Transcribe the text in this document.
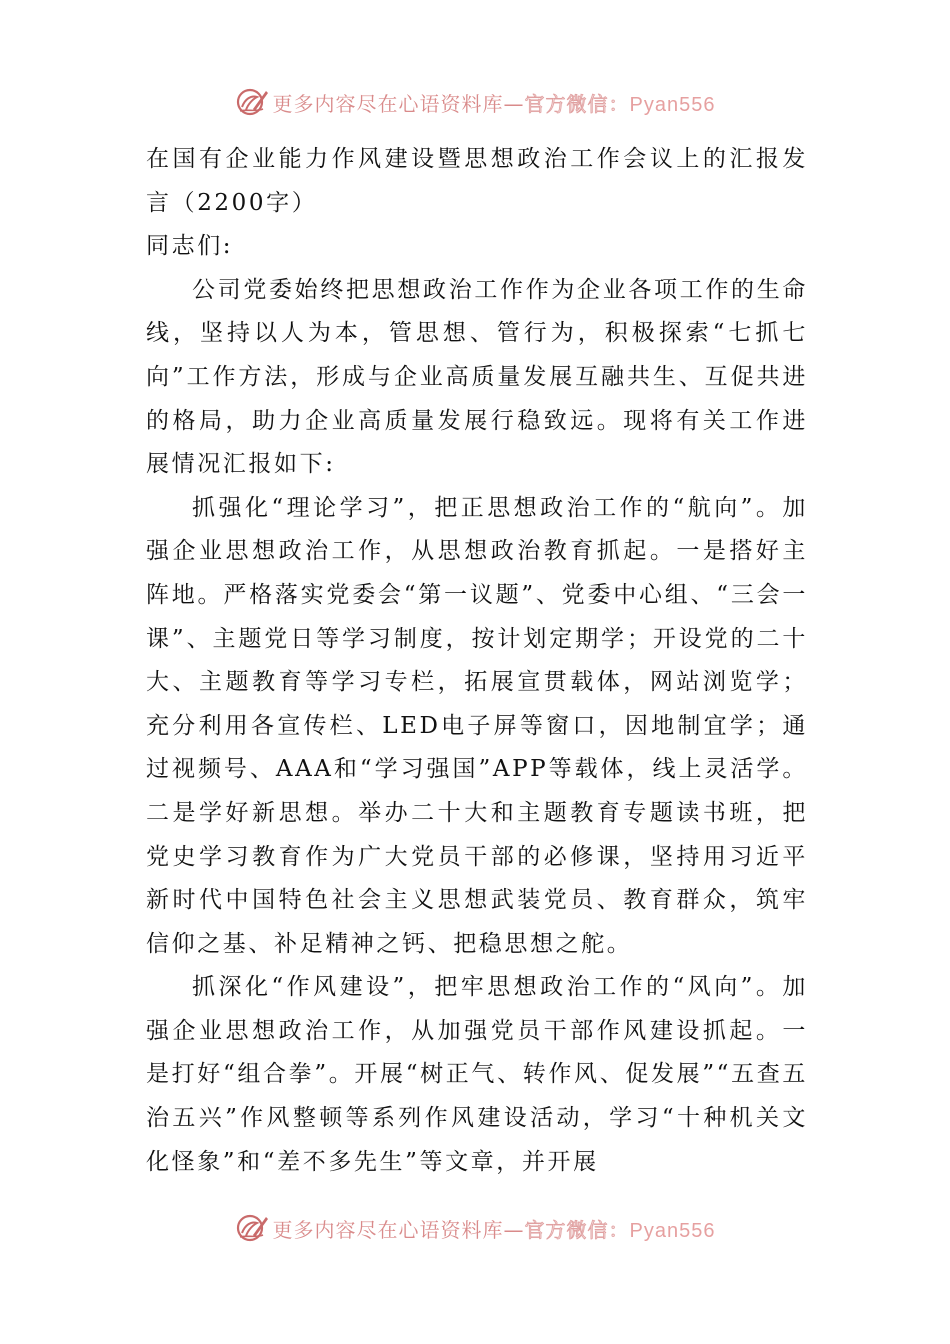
更多内容尽在心语资料库—官方微信：Pyan556

在国有企业能力作风建设暨思想政治工作会议上的汇报发言（2200字）

同志们:

公司党委始终把思想政治工作作为企业各项工作的生命线，坚持以人为本，管思想、管行为，积极探索“七抓七向”工作方法，形成与企业高质量发展互融共生、互促共进的格局，助力企业高质量发展行稳致远。现将有关工作进展情况汇报如下:

抓强化“理论学习”，把正思想政治工作的“航向”。加强企业思想政治工作，从思想政治教育抓起。一是搭好主阵地。严格落实党委会“第一议题”、党委中心组、“三会一课”、主题党日等学习制度，按计划定期学；开设党的二十大、主题教育等学习专栏，拓展宣贯载体，网站浏览学；充分利用各宣传栏、LED电子屏等窗口，因地制宜学；通过视频号、AAA和“学习强国”APP等载体，线上灵活学。二是学好新思想。举办二十大和主题教育专题读书班，把党史学习教育作为广大党员干部的必修课，坚持用习近平新时代中国特色社会主义思想武装党员、教育群众，筑牢信仰之基、补足精神之钙、把稳思想之舵。

抓深化“作风建设”，把牢思想政治工作的“风向”。加强企业思想政治工作，从加强党员干部作风建设抓起。一是打好“组合拳”。开展“树正气、转作风、促发展”“五查五治五兴”作风整顿等系列作风建设活动，学习“十种机关文化怪象”和“差不多先生”等文章，并开展

更多内容尽在心语资料库—官方微信：Pyan556
